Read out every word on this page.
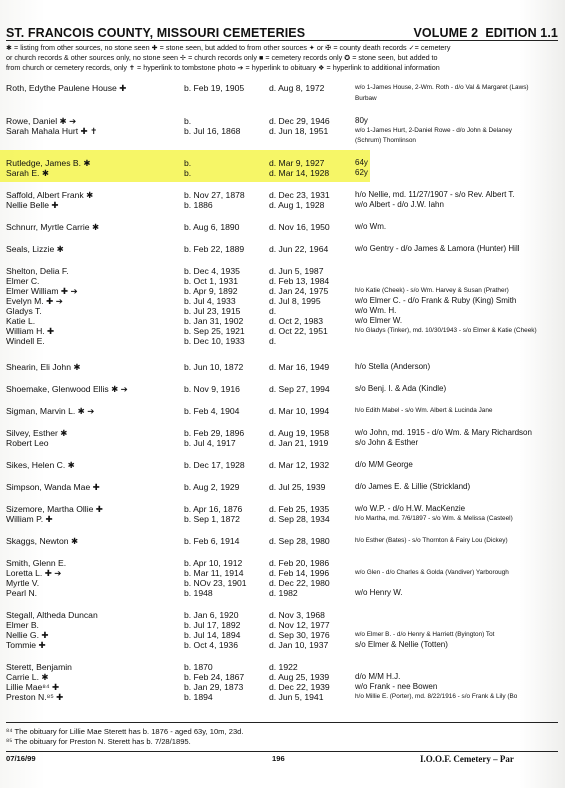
ST. FRANCOIS COUNTY, MISSOURI CEMETERIES	VOLUME 2 EDITION 1.1
✱ = listing from other sources, no stone seen ✚ = stone seen, but added to from other sources ✦ or ✠ = county death records ✓= cemetery
or church records & other sources only, no stone seen ✢ = church records only ■ = cemetery records only ✪ = stone seen, but added to
from church or cemetery records, only ✝ = hyperlink to tombstone photo ➔ = hyperlink to obituary ❖ = hyperlink to additional information
Roth, Edythe Paulene House ✚	b. Feb 19, 1905	d. Aug 8, 1972	w/o 1-James House, 2-Wm. Roth - d/o Val & Margaret (Laws)
Burbaw
Rowe, Daniel ✱ ➔	b.	d. Dec 29, 1946	80y
Sarah Mahala Hurt ✚ ✝	b. Jul 16, 1868	d. Jun 18, 1951	w/o 1-James Hurt, 2-Daniel Rowe - d/o John & Delaney
(Schrum) Thomlinson
Rutledge, James B. ✱	b.	d. Mar 9, 1927	64y
Sarah E. ✱	b.	d. Mar 14, 1928	62y
Saffold, Albert Frank ✱	b. Nov 27, 1878	d. Dec 23, 1931	h/o Nellie, md. 11/27/1907 - s/o Rev. Albert T.
Nellie Belle ✚	b. 1886	d. Aug 1, 1928	w/o Albert - d/o J.W. Iahn
Schnurr, Myrtle Carrie ✱	b. Aug 6, 1890	d. Nov 16, 1950	w/o Wm.
Seals, Lizzie ✱	b. Feb 22, 1889	d. Jun 22, 1964	w/o Gentry - d/o James & Lamora (Hunter) Hill
Shelton, Delia F.	b. Dec 4, 1935	d. Jun 5, 1987
Elmer C.	b. Oct 1, 1931	d. Feb 13, 1984
Elmer William ✚ ➔	b. Apr 9, 1892	d. Jan 24, 1975	h/o Katie (Cheek) - s/o Wm. Harvey & Susan (Prather)
Evelyn M. ✚ ➔	b. Jul 4, 1933	d. Jul 8, 1995	w/o Elmer C. - d/o Frank & Ruby (King) Smith
Gladys T.	b. Jul 23, 1915	d.	w/o Wm. H.
Katie L.	b. Jan 31, 1902	d. Oct 2, 1983	w/o Elmer W.
William H. ✚	b. Sep 25, 1921	d. Oct 22, 1951	h/o Gladys (Tinker), md. 10/30/1943 - s/o Elmer & Katie (Cheek)
Windell E.	b. Dec 10, 1933	d.
Shearin, Eli John ✱	b. Jun 10, 1872	d. Mar 16, 1949	h/o Stella (Anderson)
Shoemake, Glenwood Ellis ✱ ➔	b. Nov 9, 1916	d. Sep 27, 1994	s/o Benj. I. & Ada (Kindle)
Sigman, Marvin L. ✱ ➔	b. Feb 4, 1904	d. Mar 10, 1994	h/o Edith Mabel - s/o Wm. Albert & Lucinda Jane
Silvey, Esther ✱	b. Feb 29, 1896	d. Aug 19, 1958	w/o John, md. 1915 - d/o Wm. & Mary Richardson
Robert Leo	b. Jul 4, 1917	d. Jan 21, 1919	s/o John & Esther
Sikes, Helen C. ✱	b. Dec 17, 1928	d. Mar 12, 1932	d/o M/M George
Simpson, Wanda Mae ✚	b. Aug 2, 1929	d. Jul 25, 1939	d/o James E. & Lillie (Strickland)
Sizemore, Martha Ollie ✚	b. Apr 16, 1876	d. Feb 25, 1935	w/o W.P. - d/o H.W. MacKenzie
William P. ✚	b. Sep 1, 1872	d. Sep 28, 1934	h/o Martha, md. 7/6/1897 - s/o Wm. & Melissa (Casteel)
Skaggs, Newton ✱	b. Feb 6, 1914	d. Sep 28, 1980	h/o Esther (Bates) - s/o Thornton & Fairy Lou (Dickey)
Smith, Glenn E.	b. Apr 10, 1912	d. Feb 20, 1986
Loretta L. ✚ ➔	b. Mar 11, 1914	d. Feb 14, 1996	w/o Glen - d/o Charles & Golda (Vandiver) Yarborough
Myrtle V.	b. NOv 23, 1901	d. Dec 22, 1980
Pearl N.	b. 1948	d. 1982	w/o Henry W.
Stegall, Altheda Duncan	b. Jan 6, 1920	d. Nov 3, 1968
Elmer B.	b. Jul 17, 1892	d. Nov 12, 1977
Nellie G. ✚	b. Jul 14, 1894	d. Sep 30, 1976	w/o Elmer B. - d/o Henry & Harriett (Byington) Tot
Tommie ✚	b. Oct 4, 1936	d. Jan 10, 1937	s/o Elmer & Nellie (Totten)
Sterett, Benjamin	b. 1870	d. 1922
Carrie L. ✱	b. Feb 24, 1867	d. Aug 25, 1939	d/o M/M H.J.
Lillie Mae⁸⁴ ✚	b. Jan 29, 1873	d. Dec 22, 1939	w/o Frank - nee Bowen
Preston N.⁸⁵ ✚	b. 1894	d. Jun 5, 1941	h/o Millie E. (Porter), md. 8/22/1916 - s/o Frank & Lily (Bo
⁸⁴ The obituary for Lillie Mae Sterett has b. 1876 - aged 63y, 10m, 23d.
⁸⁵ The obituary for Preston N. Sterett has b. 7/28/1895.
07/16/99	196	I.O.O.F. Cemetery – Par
